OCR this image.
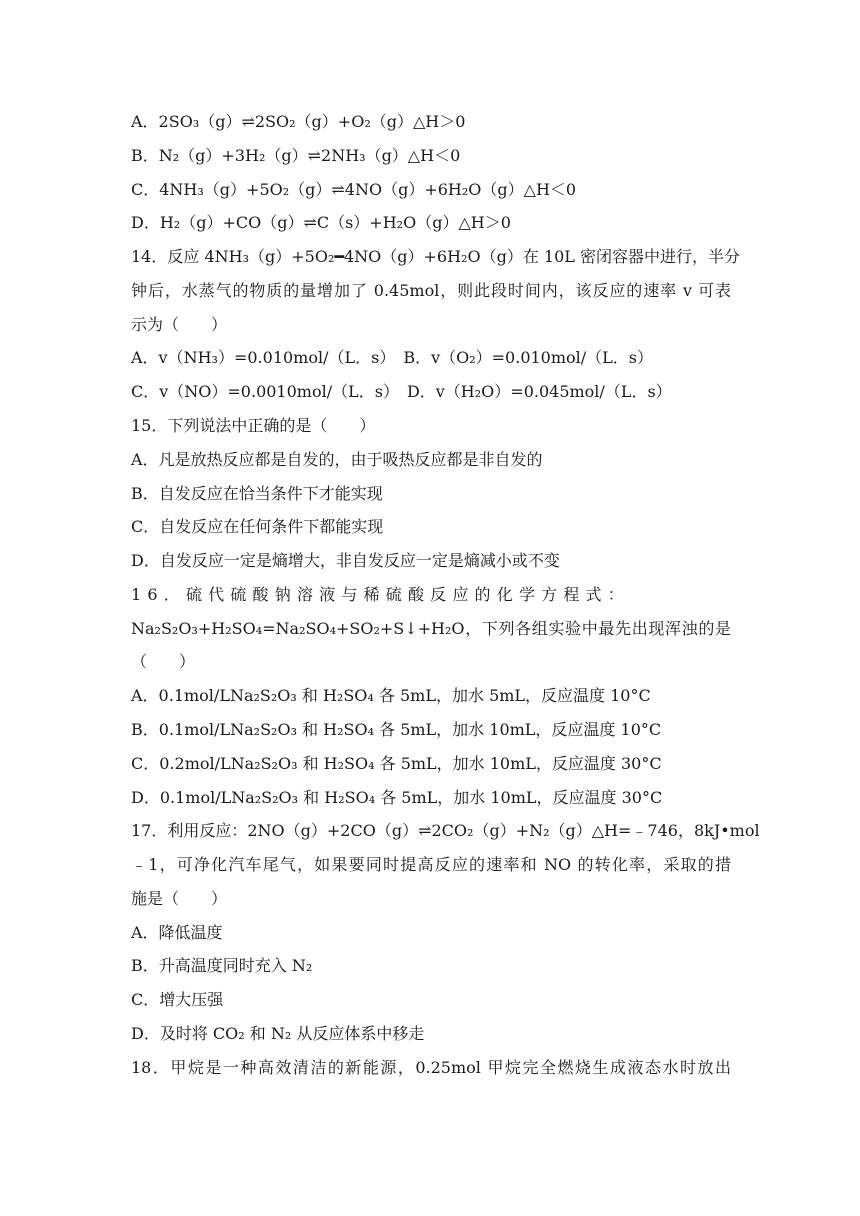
A．2SO₃（g）⇌2SO₂（g）+O₂（g）△H＞0
B．N₂（g）+3H₂（g）⇌2NH₃（g）△H＜0
C．4NH₃（g）+5O₂（g）⇌4NO（g）+6H₂O（g）△H＜0
D．H₂（g）+CO（g）⇌C（s）+H₂O（g）△H＞0
14．反应 4NH₃（g）+5O₂━4NO（g）+6H₂O（g）在 10L 密闭容器中进行，半分
钟后，水蒸气的物质的量增加了 0.45mol，则此段时间内，该反应的速率 v 可表
示为（　　）
A．v（NH₃）=0.010mol/（L．s）　B．v（O₂）=0.010mol/（L．s）
C．v（NO）=0.0010mol/（L．s）　D．v（H₂O）=0.045mol/（L．s）
15．下列说法中正确的是（　　）
A．凡是放热反应都是自发的，由于吸热反应都是非自发的
B．自发反应在恰当条件下才能实现
C．自发反应在任何条件下都能实现
D．自发反应一定是熵增大，非自发反应一定是熵减小或不变
16．硫代硫酸钠溶液与稀硫酸反应的化学方程式：
Na₂S₂O₃+H₂SO₄=Na₂SO₄+SO₂+S↓+H₂O，下列各组实验中最先出现浑浊的是
（　　）
A．0.1mol/LNa₂S₂O₃ 和 H₂SO₄ 各 5mL，加水 5mL，反应温度 10°C
B．0.1mol/LNa₂S₂O₃ 和 H₂SO₄ 各 5mL，加水 10mL，反应温度 10°C
C．0.2mol/LNa₂S₂O₃ 和 H₂SO₄ 各 5mL，加水 10mL，反应温度 30°C
D．0.1mol/LNa₂S₂O₃ 和 H₂SO₄ 各 5mL，加水 10mL，反应温度 30°C
17．利用反应：2NO（g）+2CO（g）⇌2CO₂（g）+N₂（g）△H=﹣746，8kJ•mol
﹣1，可净化汽车尾气，如果要同时提高反应的速率和 NO 的转化率，采取的措
施是（　　）
A．降低温度
B．升高温度同时充入 N₂
C．增大压强
D．及时将 CO₂ 和 N₂ 从反应体系中移走
18．甲烷是一种高效清洁的新能源，0.25mol 甲烷完全燃烧生成液态水时放出
